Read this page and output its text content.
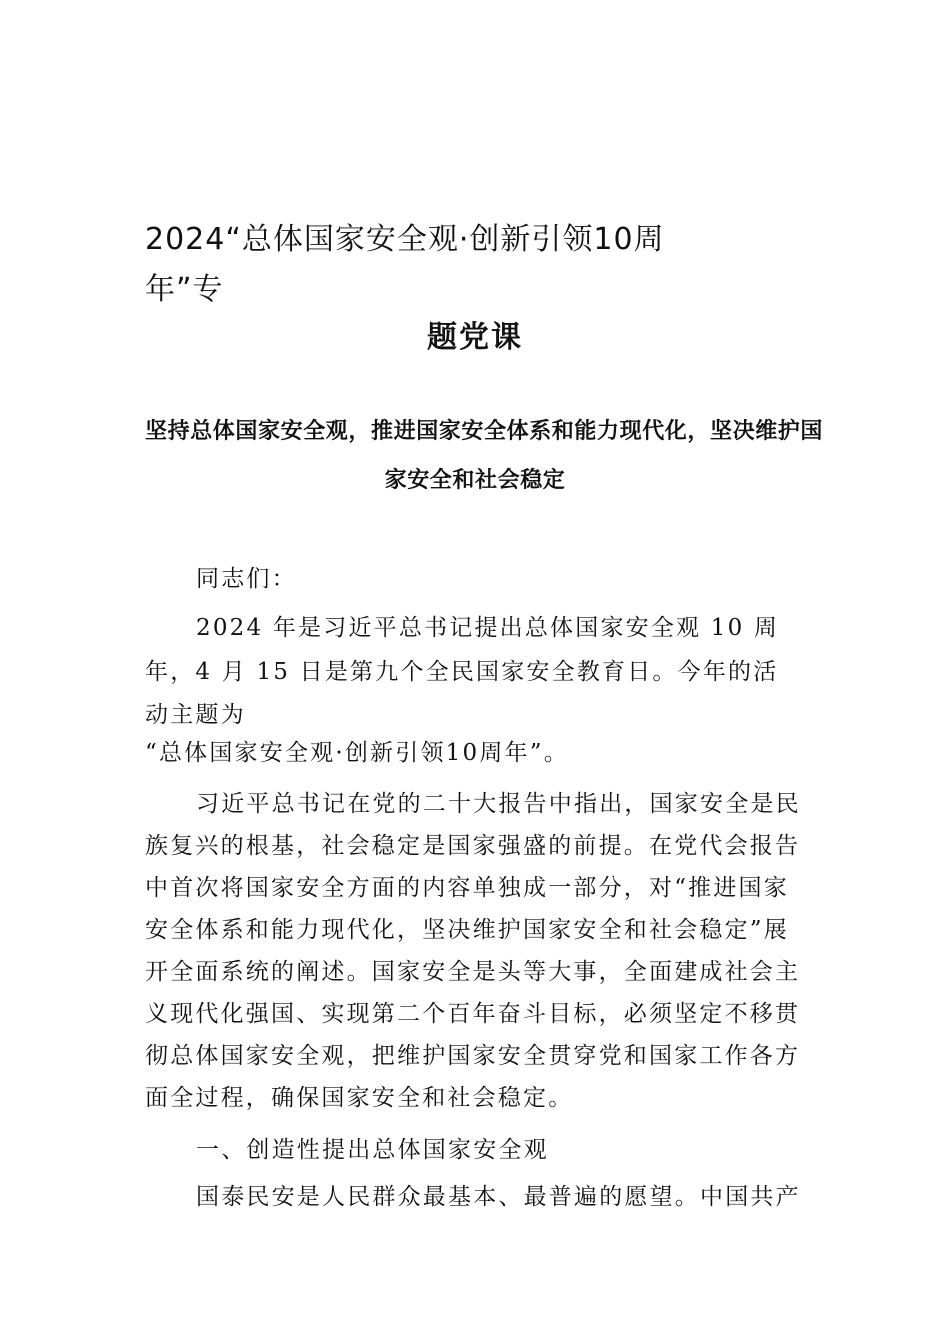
2024“总体国家安全观·创新引领10周
年”专
题党课
坚持总体国家安全观，推进国家安全体系和能力现代化，坚决维护国
家安全和社会稳定
同志们：
2024 年是习近平总书记提出总体国家安全观 10 周
年，4 月 15 日是第九个全民国家安全教育日。今年的活
动主题为
“总体国家安全观·创新引领10周年”。
习近平总书记在党的二十大报告中指出，国家安全是民
族复兴的根基，社会稳定是国家强盛的前提。在党代会报告
中首次将国家安全方面的内容单独成一部分，对“推进国家
安全体系和能力现代化，坚决维护国家安全和社会稳定”展
开全面系统的阐述。国家安全是头等大事，全面建成社会主
义现代化强国、实现第二个百年奋斗目标，必须坚定不移贯
彻总体国家安全观，把维护国家安全贯穿党和国家工作各方
面全过程，确保国家安全和社会稳定。
一、创造性提出总体国家安全观
国泰民安是人民群众最基本、最普遍的愿望。中国共产
